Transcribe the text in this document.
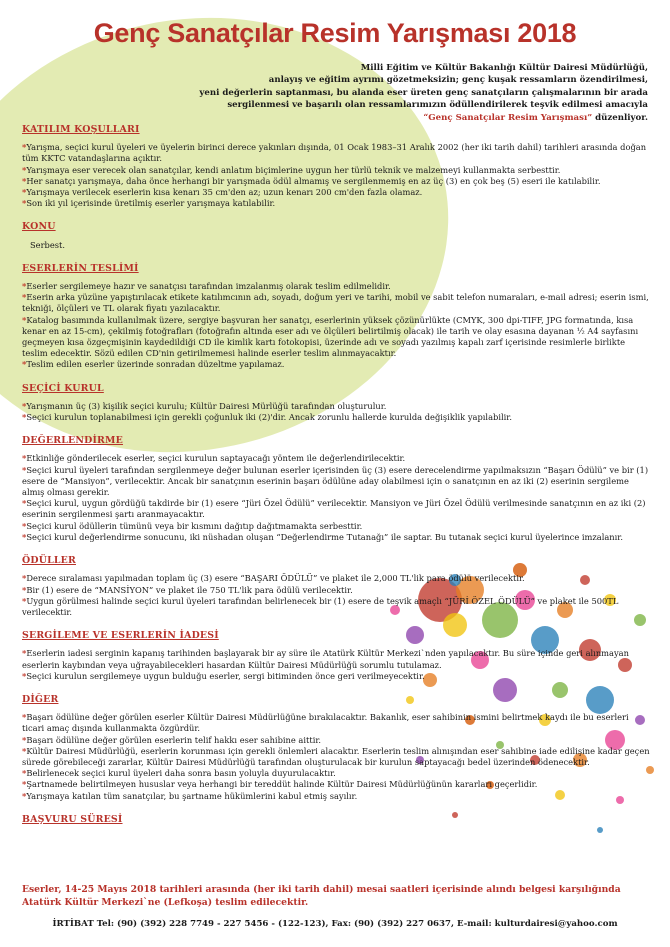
Genç Sanatçılar Resim Yarışması 2018
Milli Eğitim ve Kültür Bakanlığı Kültür Dairesi Müdürlüğü,
anlayış ve eğitim ayrımı gözetmeksizin; genç kuşak ressamların özendirilmesi,
yeni değerlerin saptanması, bu alanda eser üreten genç sanatçıların çalışmalarının bir arada
sergilenmesi ve başarılı olan ressamlarımızın ödüllendirilerek teşvik edilmesi amacıyla
“Genç Sanatçılar Resim Yarışması” düzenliyor.
KATILIM KOŞULLARI
*Yarışma, seçici kurul üyeleri ve üyelerin birinci derece yakınları dışında, 01 Ocak 1983–31 Aralık 2002 (her iki tarih dahil) tarihleri arasında doğan tüm KKTC vatandaşlarına açıktır.
*Yarışmaya eser verecek olan sanatçılar, kendi anlatım biçimlerine uygun her türlü teknik ve malzemeyi kullanmakta serbesttir.
*Her sanatçı yarışmaya, daha önce herhangi bir yarışmada ödül almamış ve sergilenmemiş en az üç (3) en çok beş (5) eseri ile katılabilir.
*Yarışmaya verilecek eserlerin kısa kenarı 35 cm'den az; uzun kenarı 200 cm'den fazla olamaz.
*Son iki yıl içerisinde üretilmiş eserler yarışmaya katılabilir.
KONU
Serbest.
ESERLERİN TESLİMİ
*Eserler sergilemeye hazır ve sanatçısı tarafından imzalanmış olarak teslim edilmelidir.
*Eserin arka yüzüne yapıştırılacak etikete katılımcının adı, soyadı, doğum yeri ve tarihi, mobil ve sabit telefon numaraları, e-mail adresi; eserin ismi, tekniği, ölçüleri ve TL olarak fiyatı yazılacaktır.
*Katalog basımında kullanılmak üzere, sergiye başvuran her sanatçı, eserlerinin yüksek çözünürlükte (CMYK, 300 dpi-TIFF, JPG formatında, kısa kenar en az 15-cm), çekilmiş fotoğrafları (fotoğrafın altında eser adı ve ölçüleri belirtilmiş olacak) ile tarih ve olay esasına dayanan ½ A4 sayfasını geçmeyen kısa özgeçmişinin kaydedildiği CD ile kimlik kartı fotokopisi, üzerinde adı ve soyadı yazılmış kapalı zarf içerisinde resimlerle birlikte teslim edecektir. Sözü edilen CD'nin getirilmemesi halinde eserler teslim alınmayacaktır.
*Teslim edilen eserler üzerinde sonradan düzeltme yapılamaz.
SEÇİCİ KURUL
*Yarışmanın üç (3) kişilik seçici kurulu; Kültür Dairesi Mürlüğü tarafından oluşturulur.
*Seçici kurulun toplanabilmesi için gerekli çoğunluk iki (2)'dir. Ancak zorunlu hallerde kurulda değişiklik yapılabilir.
DEĞERLENDİRME
*Etkinliğe gönderilecek eserler, seçici kurulun saptayacağı yöntem ile değerlendirilecektir.
*Seçici kurul üyeleri tarafından sergilenmeye değer bulunan eserler içerisinden üç (3) esere derecelendirme yapılmaksızın “Başarı Ödülü” ve bir (1) esere de “Mansiyon”, verilecektir. Ancak bir sanatçının eserinin başarı ödülüne aday olabilmesi için o sanatçının en az iki (2) eserinin sergileme almış olması gerekir.
*Seçici kurul, uygun gördüğü takdirde bir (1) esere “Jüri Özel Ödülü” verilecektir. Mansiyon ve Jüri Özel Ödülü verilmesinde sanatçının en az iki (2) eserinin sergilenmesi şartı aranmayacaktır.
*Seçici kurul ödüllerin tümünü veya bir kısmını dağıtıp dağıtmamakta serbesttir.
*Seçici kurul değerlendirme sonucunu, iki nüshadan oluşan “Değerlendirme Tutanağı” ile saptar. Bu tutanak seçici kurul üyelerince imzalanır.
ÖDÜLLER
*Derece sıralaması yapılmadan toplam üç (3) esere “BAŞARI ÖDÜLÜ” ve plaket ile 2,000 TL'lik para ödülü verilecektir.
*Bir (1) esere de “MANSİYON” ve plaket ile 750 TL'lik para ödülü verilecektir.
*Uygun görülmesi halinde seçici kurul üyeleri tarafından belirlenecek bir (1) esere de teşvik amaçlı “JÜRİ ÖZEL ÖDÜLÜ” ve plaket ile 500TL verilecektir.
SERGİLEME VE ESERLERİN İADESİ
*Eserlerin iadesi serginin kapanış tarihinden başlayarak bir ay süre ile Atatürk Kültür Merkezi`nden yapılacaktır. Bu süre içinde geri alınmayan eserlerin kaybından veya uğrayabilecekleri hasardan Kültür Dairesi Müdürlüğü sorumlu tutulamaz.
*Seçici kurulun sergilemeye uygun bulduğu eserler, sergi bitiminden önce geri verilmeyecektir.
DİĞER
*Başarı ödülüne değer görülen eserler Kültür Dairesi Müdürlüğüne bırakılacaktır. Bakanlık, eser sahibinin ismini belirtmek kaydı ile bu eserleri ticari amaç dışında kullanmakta özgürdür.
*Başarı ödülüne değer görülen eserlerin telif hakkı eser sahibine aittir.
*Kültür Dairesi Müdürlüğü, eserlerin korunması için gerekli önlemleri alacaktır. Eserlerin teslim alınışından eser sahibine iade edilişine kadar geçen sürede görebileceği zararlar, Kültür Dairesi Müdürlüğü tarafından oluşturulacak bir kurulun saptayacağı bedel üzerinden ödenecektir.
*Belirlenecek seçici kurul üyeleri daha sonra basın yoluyla duyurulacaktır.
*Şartnamede belirtilmeyen hususlar veya herhangi bir tereddüt halinde Kültür Dairesi Müdürlüğünün kararları geçerlidir.
*Yarışmaya katılan tüm sanatçılar, bu şartname hükümlerini kabul etmiş sayılır.
BAŞVURU SÜRESİ
Eserler, 14-25 Mayıs 2018 tarihleri arasında (her iki tarih dahil) mesai saatleri içerisinde alındı belgesi karşılığında
Atatürk Kültür Merkezi`ne (Lefkoşa) teslim edilecektir.
İRTİBAT Tel: (90) (392) 228 7749 - 227 5456 - (122-123), Fax: (90) (392) 227 0637, E-mail: kulturdairesi@yahoo.com
